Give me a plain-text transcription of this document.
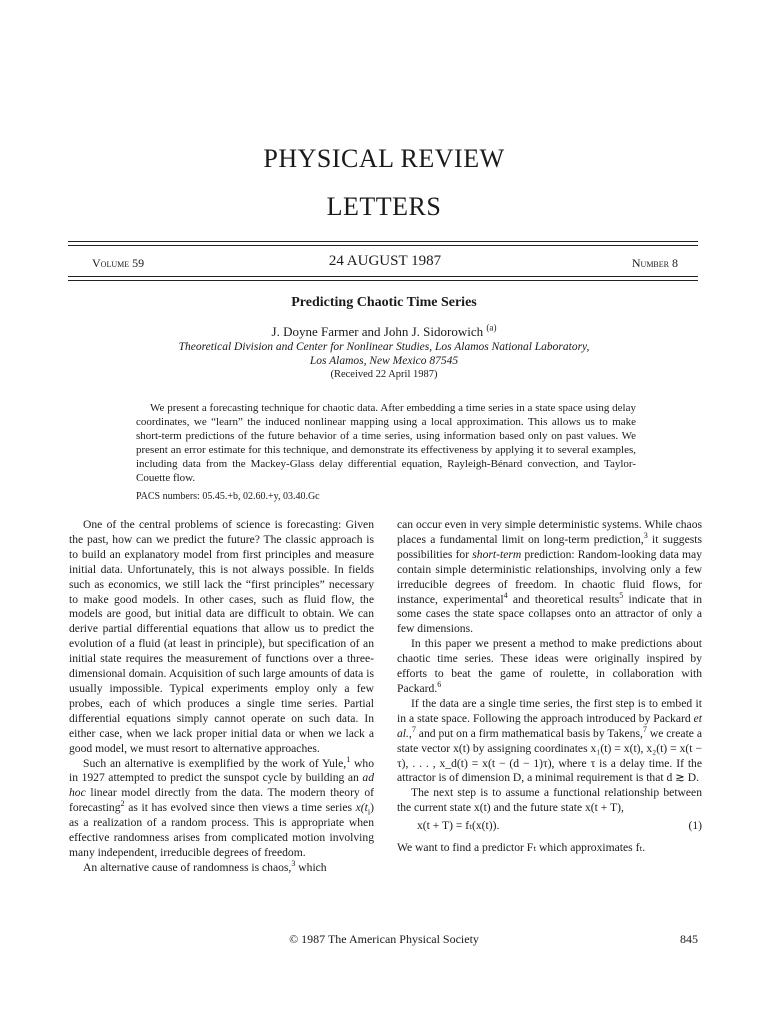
PHYSICAL REVIEW
LETTERS
Volume 59	24 AUGUST 1987	Number 8
Predicting Chaotic Time Series
J. Doyne Farmer and John J. Sidorowich $^{(a)}$
Theoretical Division and Center for Nonlinear Studies, Los Alamos National Laboratory,
Los Alamos, New Mexico 87545
(Received 22 April 1987)
We present a forecasting technique for chaotic data. After embedding a time series in a state space using delay coordinates, we “learn” the induced nonlinear mapping using a local approximation. This allows us to make short-term predictions of the future behavior of a time series, using information based only on past values. We present an error estimate for this technique, and demonstrate its effectiveness by applying it to several examples, including data from the Mackey-Glass delay differential equation, Rayleigh-Bénard convection, and Taylor-Couette flow.
PACS numbers: 05.45.+b, 02.60.+y, 03.40.Gc

One of the central problems of science is forecasting: Given the past, how can we predict the future? The classic approach is to build an explanatory model from first principles and measure initial data. Unfortunately, this is not always possible. In fields such as economics, we still lack the “first principles” necessary to make good models. In other cases, such as fluid flow, the models are good, but initial data are difficult to obtain. We can derive partial differential equations that allow us to predict the evolution of a fluid (at least in principle), but specification of an initial state requires the measurement of functions over a three-dimensional domain. Acquisition of such large amounts of data is usually impossible. Typical experiments employ only a few probes, each of which produces a single time series. Partial differential equations simply cannot operate on such data. In either case, when we lack proper initial data or when we lack a good model, we must resort to alternative approaches.

Such an alternative is exemplified by the work of Yule,$^1$ who in 1927 attempted to predict the sunspot cycle by building an ad hoc linear model directly from the data. The modern theory of forecasting$^2$ as it has evolved since then views a time series $x(t_i)$ as a realization of a random process. This is appropriate when effective randomness arises from complicated motion involving many independent, irreducible degrees of freedom.

An alternative cause of randomness is chaos,$^3$ which

can occur even in very simple deterministic systems. While chaos places a fundamental limit on long-term prediction,$^3$ it suggests possibilities for short-term prediction: Random-looking data may contain simple deterministic relationships, involving only a few irreducible degrees of freedom. In chaotic fluid flows, for instance, experimental$^4$ and theoretical results$^5$ indicate that in some cases the state space collapses onto an attractor of only a few dimensions.

In this paper we present a method to make predictions about chaotic time series. These ideas were originally inspired by efforts to beat the game of roulette, in collaboration with Packard.$^6$

If the data are a single time series, the first step is to embed it in a state space. Following the approach introduced by Packard et al.,$^7$ and put on a firm mathematical basis by Takens,$^7$ we create a state vector x(t) by assigning coordinates x₁(t) = x(t), x₂(t) = x(t − τ), . . . , x_d(t) = x(t − (d − 1)τ), where τ is a delay time. If the attractor is of dimension D, a minimal requirement is that d ≳ D.

The next step is to assume a functional relationship between the current state x(t) and the future state x(t + T),

x(t + T) = fₜ(x(t)).	(1)

We want to find a predictor Fₜ which approximates fₜ.

© 1987 The American Physical Society	845
